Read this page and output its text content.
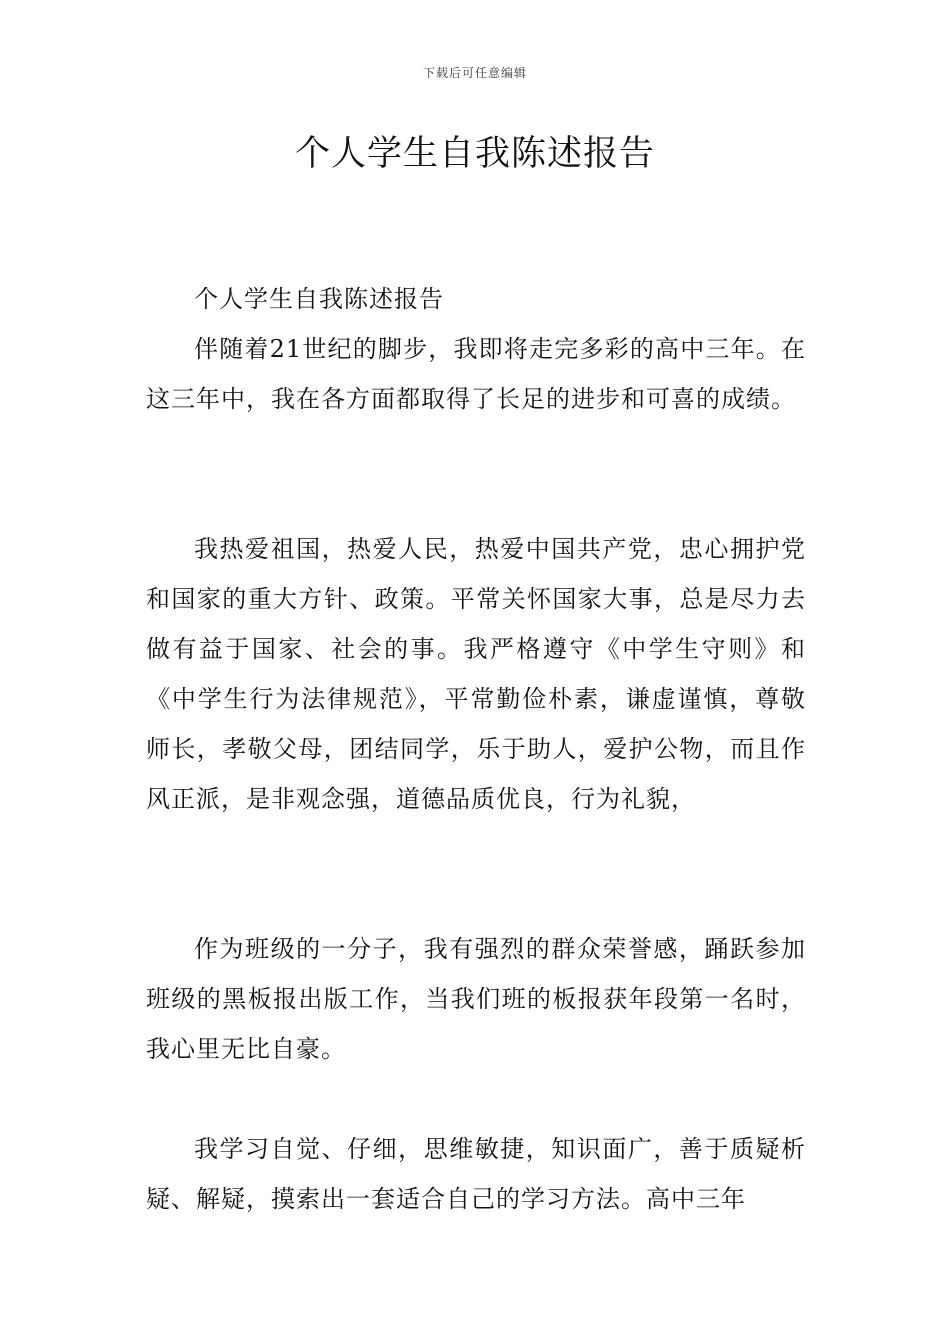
下载后可任意编辑
个人学生自我陈述报告

个人学生自我陈述报告

伴随着21世纪的脚步，我即将走完多彩的高中三年。在这三年中，我在各方面都取得了长足的进步和可喜的成绩。

我热爱祖国，热爱人民，热爱中国共产党，忠心拥护党和国家的重大方针、政策。平常关怀国家大事，总是尽力去做有益于国家、社会的事。我严格遵守《中学生守则》和《中学生行为法律规范》，平常勤俭朴素，谦虚谨慎，尊敬师长，孝敬父母，团结同学，乐于助人，爱护公物，而且作风正派，是非观念强，道德品质优良，行为礼貌，

作为班级的一分子，我有强烈的群众荣誉感，踊跃参加班级的黑板报出版工作，当我们班的板报获年段第一名时，我心里无比自豪。

我学习自觉、仔细，思维敏捷，知识面广，善于质疑析疑、解疑，摸索出一套适合自己的学习方法。高中三年
